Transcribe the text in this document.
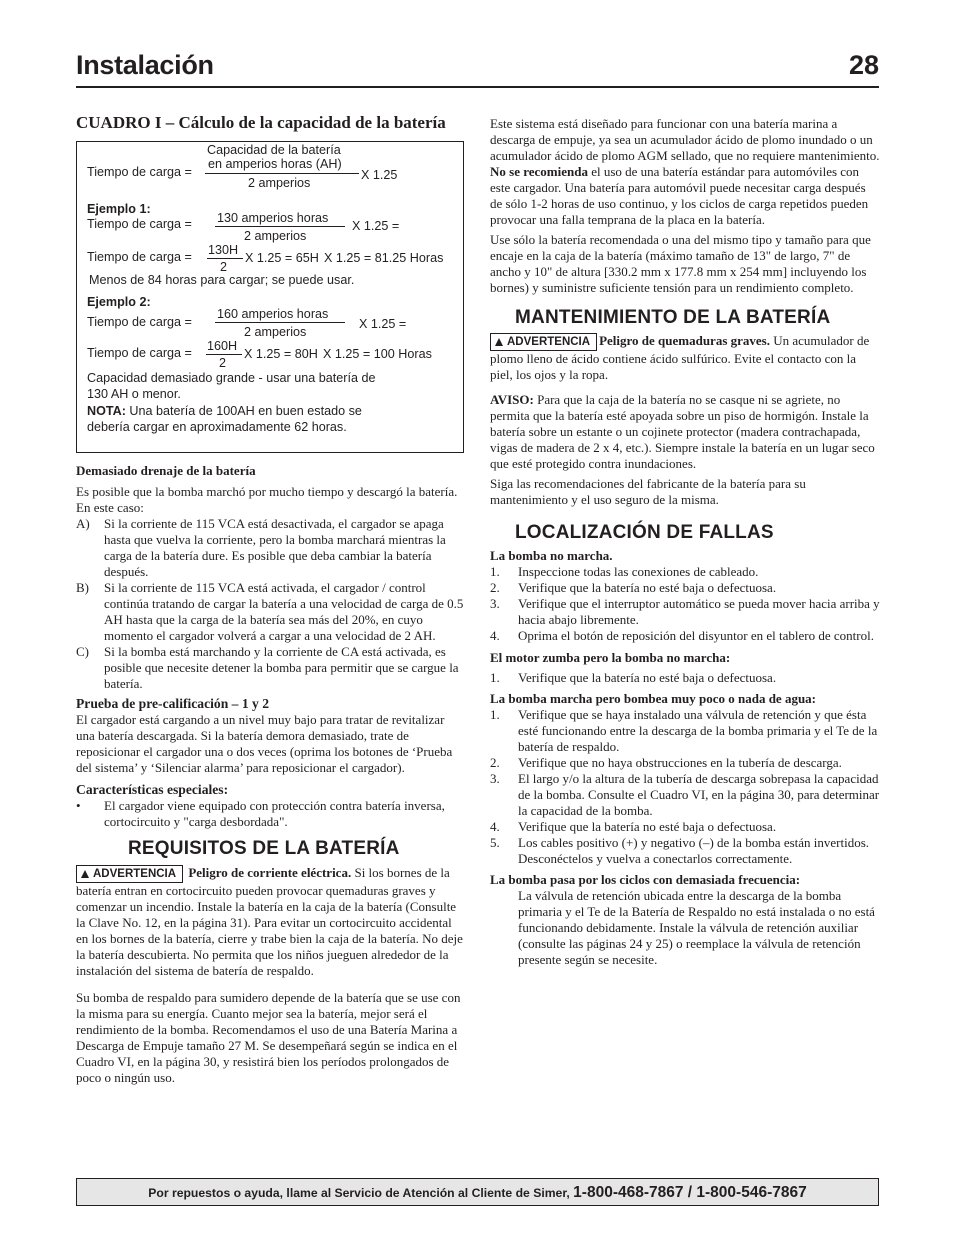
Instalación	28
CUADRO I – Cálculo de la capacidad de la batería
Tiempo de carga =
Capacidad de la batería
en amperios horas (AH)
2 amperios
X 1.25
Ejemplo 1:
Tiempo de carga = 130 amperios horas
2 amperios
X 1.25 =
Tiempo de carga = 130H
2
X 1.25 = 65H X 1.25 = 81.25 Horas
Menos de 84 horas para cargar; se puede usar.
Ejemplo 2:
Tiempo de carga =
160 amperios horas
2 amperios
X 1.25 =
Tiempo de carga = 160H
2
X 1.25 = 80H X 1.25 = 100 Horas
Capacidad demasiado grande - usar una batería de
130 AH o menor.
NOTA: Una batería de 100AH en buen estado se
debería cargar en aproximadamente 62 horas.

Demasiado drenaje de la batería

Es posible que la bomba marchó por mucho tiempo y descargó la batería. En este caso:

A)	Si la corriente de 115 VCA está desactivada, el cargador se apaga hasta que vuelva la corriente, pero la bomba marchará mientras la carga de la batería dure. Es posible que deba cambiar la batería después.
B)	Si la corriente de 115 VCA está activada, el cargador / control continúa tratando de cargar la batería a una velocidad de carga de 0.5 AH hasta que la carga de la batería sea más del 20%, en cuyo momento el cargador volverá a cargar a una velocidad de 2 AH.
C)	Si la bomba está marchando y la corriente de CA está activada, es posible que necesite detener la bomba para permitir que se cargue la batería.

Prueba de pre-calificación – 1 y 2

El cargador está cargando a un nivel muy bajo para tratar de revitalizar una batería descargada. Si la batería demora demasiado, trate de reposicionar el cargador una o dos veces (oprima los botones de ‘Prueba del sistema’ y ‘Silenciar alarma’ para reposicionar el cargador).

Características especiales:

•	El cargador viene equipado con protección contra batería inversa, cortocircuito y "carga desbordada".

REQUISITOS DE LA BATERÍA

ADVERTENCIA Peligro de corriente eléctrica. Si los bornes de la batería entran en cortocircuito pueden provocar quemaduras graves y comenzar un incendio. Instale la batería en la caja de la batería (Consulte la Clave No. 12, en la página 31). Para evitar un cortocircuito accidental en los bornes de la batería, cierre y trabe bien la caja de la batería. No deje la batería descubierta. No permita que los niños jueguen alrededor de la instalación del sistema de batería de respaldo.

Su bomba de respaldo para sumidero depende de la batería que se use con la misma para su energía. Cuanto mejor sea la batería, mejor será el rendimiento de la bomba. Recomendamos el uso de una Batería Marina a Descarga de Empuje tamaño 27 M. Se desempeñará según se indica en el Cuadro VI, en la página 30, y resistirá bien los períodos prolongados de poco o ningún uso.

Este sistema está diseñado para funcionar con una batería marina a descarga de empuje, ya sea un acumulador ácido de plomo inundado o un acumulador ácido de plomo AGM sellado, que no requiere mantenimiento. No se recomienda el uso de una batería estándar para automóviles con este cargador. Una batería para automóvil puede necesitar carga después de sólo 1-2 horas de uso continuo, y los ciclos de carga repetidos pueden provocar una falla temprana de la placa en la batería.

Use sólo la batería recomendada o una del mismo tipo y tamaño para que encaje en la caja de la batería (máximo tamaño de 13" de largo, 7" de ancho y 10" de altura [330.2 mm x 177.8 mm x 254 mm] incluyendo los bornes) y suministre suficiente tensión para un rendimiento completo.

MANTENIMIENTO DE LA BATERÍA

ADVERTENCIA Peligro de quemaduras graves. Un acumulador de plomo lleno de ácido contiene ácido sulfúrico. Evite el contacto con la piel, los ojos y la ropa.

AVISO: Para que la caja de la batería no se casque ni se agriete, no permita que la batería esté apoyada sobre un piso de hormigón. Instale la batería sobre un estante o un cojinete protector (madera contrachapada, vigas de madera de 2 x 4, etc.). Siempre instale la batería en un lugar seco que esté protegido contra inundaciones.

Siga las recomendaciones del fabricante de la batería para su mantenimiento y el uso seguro de la misma.

LOCALIZACIÓN DE FALLAS

La bomba no marcha.

1.	Inspeccione todas las conexiones de cableado.
2.	Verifique que la batería no esté baja o defectuosa.
3.	Verifique que el interruptor automático se pueda mover hacia arriba y hacia abajo libremente.
4.	Oprima el botón de reposición del disyuntor en el tablero de control.

El motor zumba pero la bomba no marcha:

1.	Verifique que la batería no esté baja o defectuosa.

La bomba marcha pero bombea muy poco o nada de agua:

1.	Verifique que se haya instalado una válvula de retención y que ésta esté funcionando entre la descarga de la bomba primaria y el Te de la batería de respaldo.
2.	Verifique que no haya obstrucciones en la tubería de descarga.
3.	El largo y/o la altura de la tubería de descarga sobrepasa la capacidad de la bomba. Consulte el Cuadro VI, en la página 30, para determinar la capacidad de la bomba.
4.	Verifique que la batería no esté baja o defectuosa.
5.	Los cables positivo (+) y negativo (–) de la bomba están invertidos. Desconéctelos y vuelva a conectarlos correctamente.

La bomba pasa por los ciclos con demasiada frecuencia:

La válvula de retención ubicada entre la descarga de la bomba primaria y el Te de la Batería de Respaldo no está instalada o no está funcionando debidamente. Instale la válvula de retención auxiliar (consulte las páginas 24 y 25) o reemplace la válvula de retención presente según se necesite.

Por repuestos o ayuda, llame al Servicio de Atención al Cliente de Simer, 1-800-468-7867 / 1-800-546-7867
